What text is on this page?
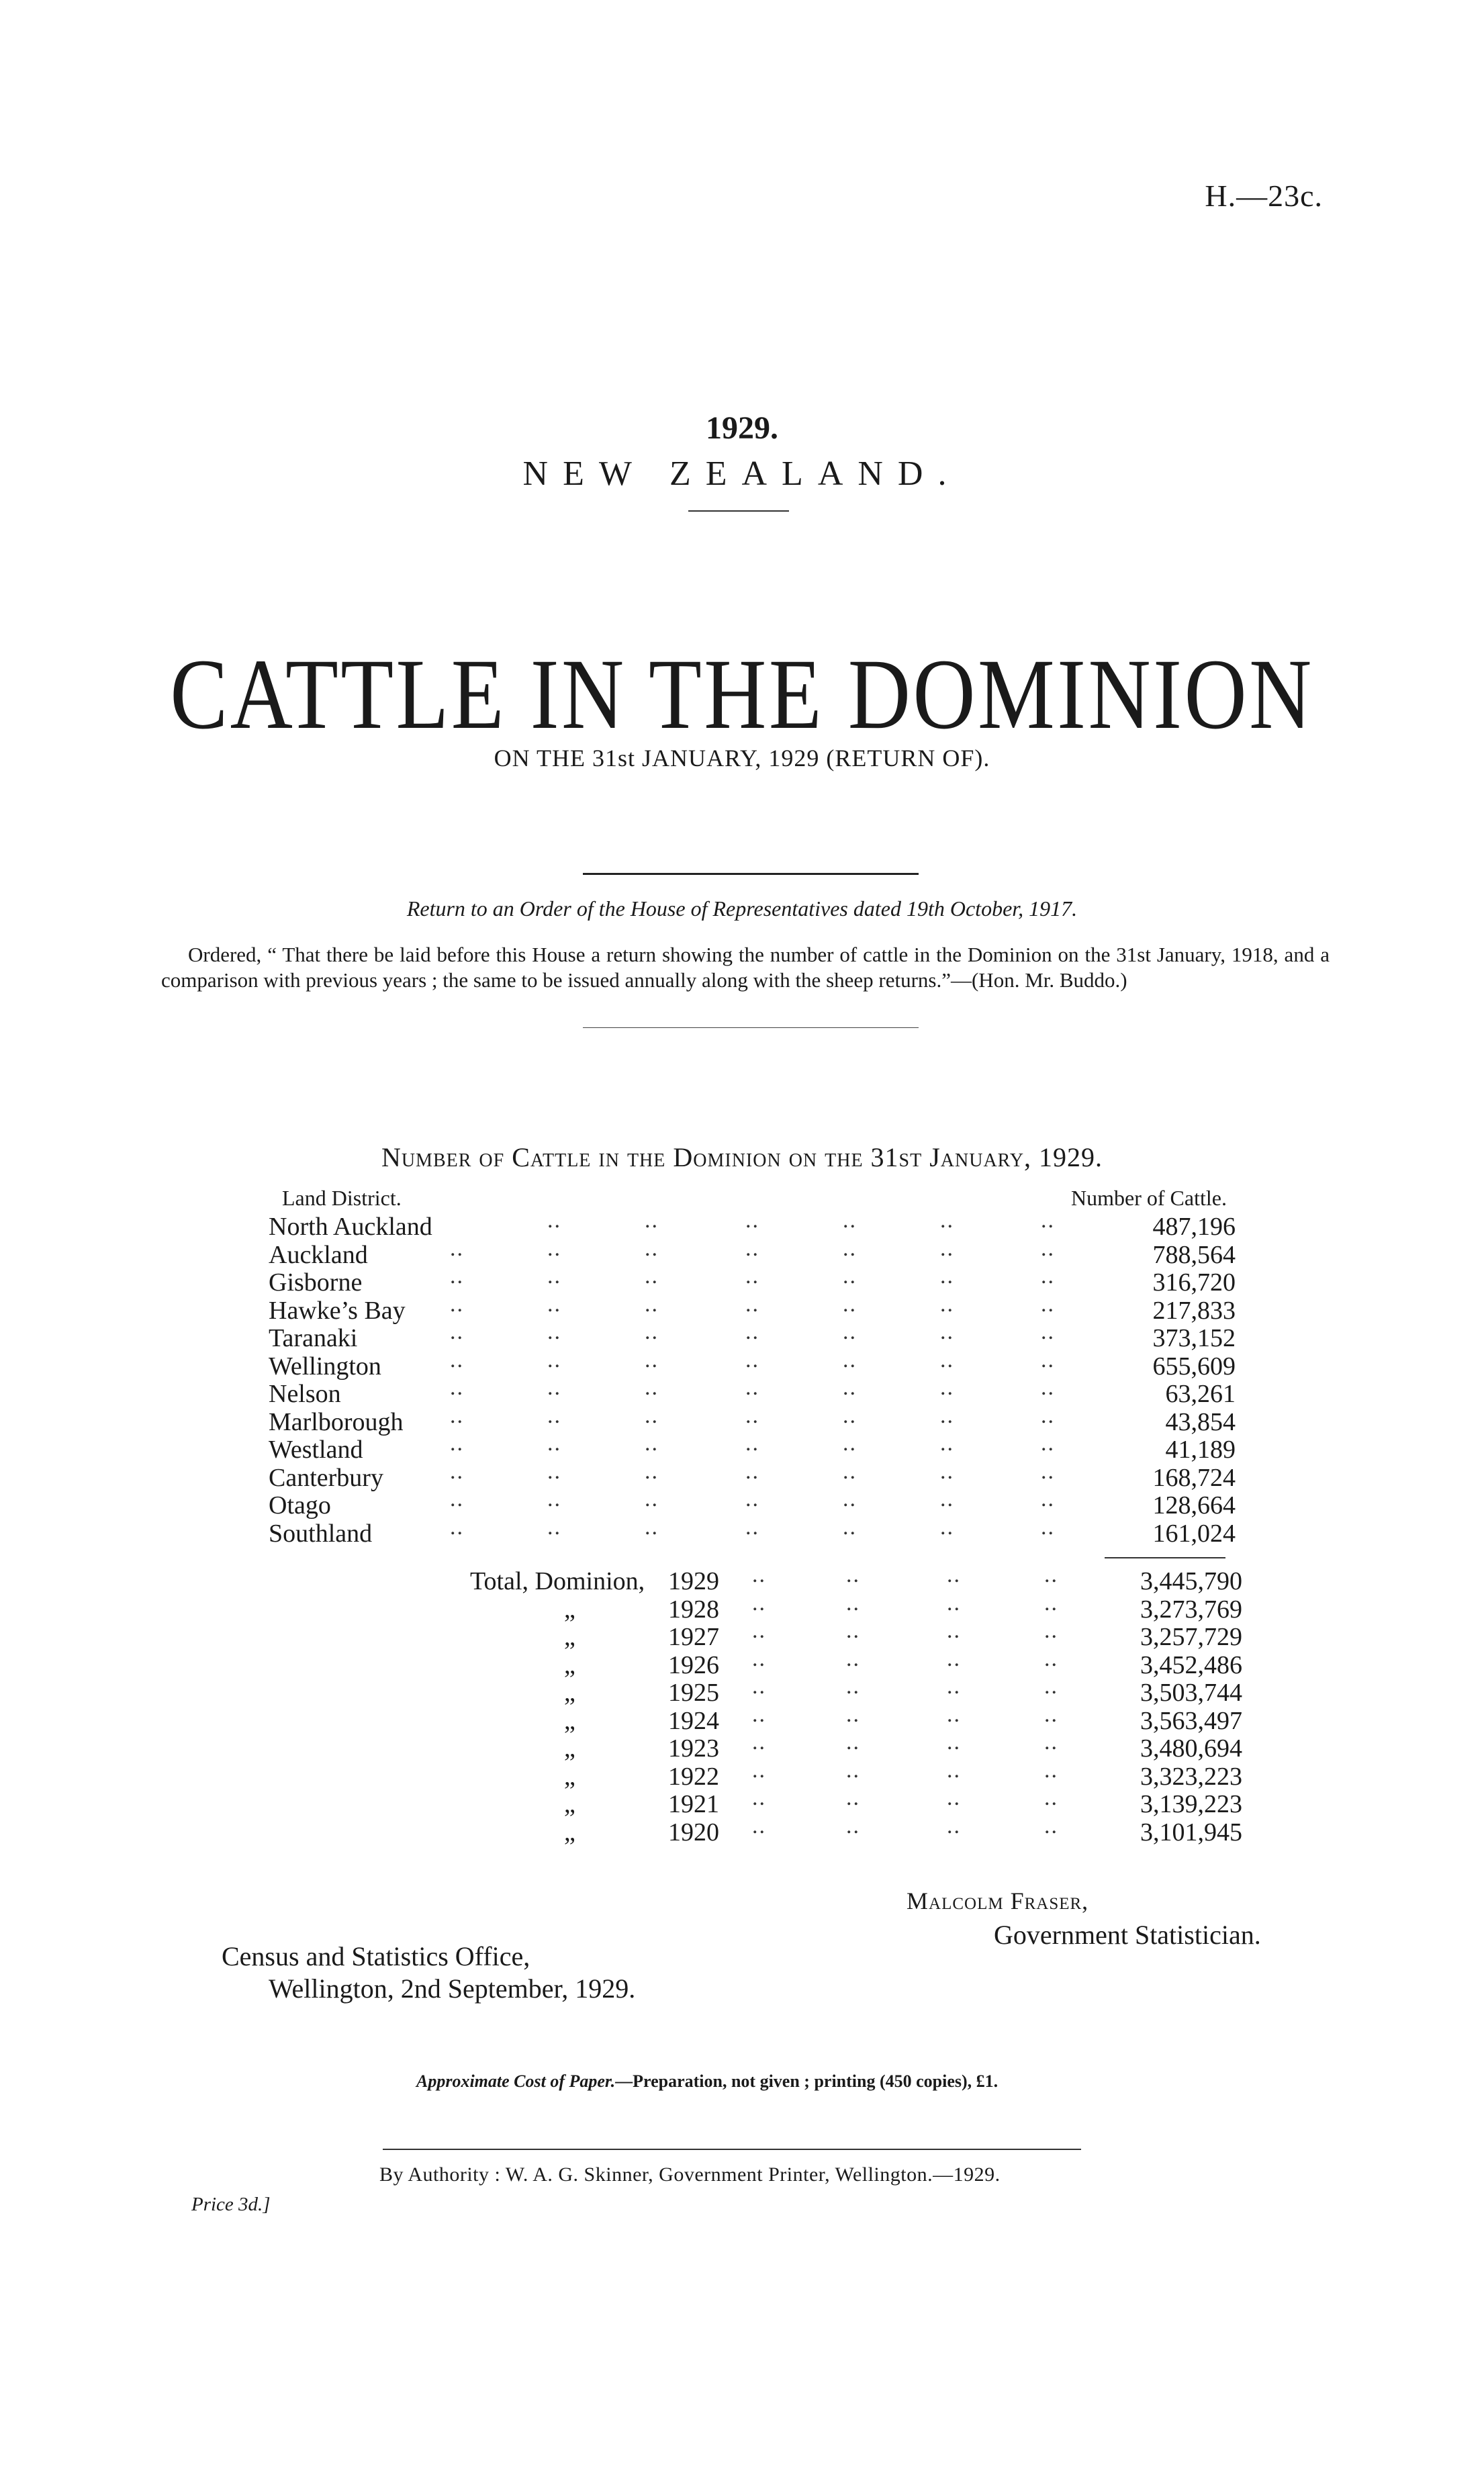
H.—23c.
1929.
NEW ZEALAND.
CATTLE IN THE DOMINION
ON THE 31st JANUARY, 1929 (RETURN OF).
Return to an Order of the House of Representatives dated 19th October, 1917.
Ordered, “ That there be laid before this House a return showing the number of cattle in the Dominion on the 31st January, 1918, and a comparison with previous years ; the same to be issued annually along with the sheep returns.”—(Hon. Mr. Buddo.)
Number of Cattle in the Dominion on the 31st January, 1929.
Land District.	Number of Cattle.
North Auckland	..	..	..	..	..	..	487,196
Auckland	..	..	..	..	..	..	..	788,564
Gisborne	..	..	..	..	..	..	..	316,720
Hawke’s Bay ..	..	..	..	..	..	..	217,833
Taranaki	..	..	..	..	..	..	..	373,152
Wellington	..	..	..	..	..	..	..	655,609
Nelson	..	..	..	..	..	..	..	63,261
Marlborough ..	..	..	..	..	..	..	43,854
Westland	..	..	..	..	..	..	..	41,189
Canterbury	..	..	..	..	..	..	..	168,724
Otago	..	..	..	..	..	..	..	128,664
Southland	..	..	..	..	..	..	..	161,024
Total, Dominion, 1929 ..	..	..	..	3,445,790
„	1928 ..	..	..	..	3,273,769
„	1927 ..	..	..	..	3,257,729
„	1926 ..	..	..	..	3,452,486
„	1925 ..	..	..	..	3,503,744
„	1924 ..	..	..	..	3,563,497
„	1923 ..	..	..	..	3,480,694
„	1922 ..	..	..	..	3,323,223
„	1921 ..	..	..	..	3,139,223
„	1920 ..	..	..	..	3,101,945
Malcolm Fraser,
Government Statistician.
Census and Statistics Office,
Wellington, 2nd September, 1929.
Approximate Cost of Paper.—Preparation, not given ; printing (450 copies), £1.
By Authority : W. A. G. Skinner, Government Printer, Wellington.—1929.
Price 3d.]
